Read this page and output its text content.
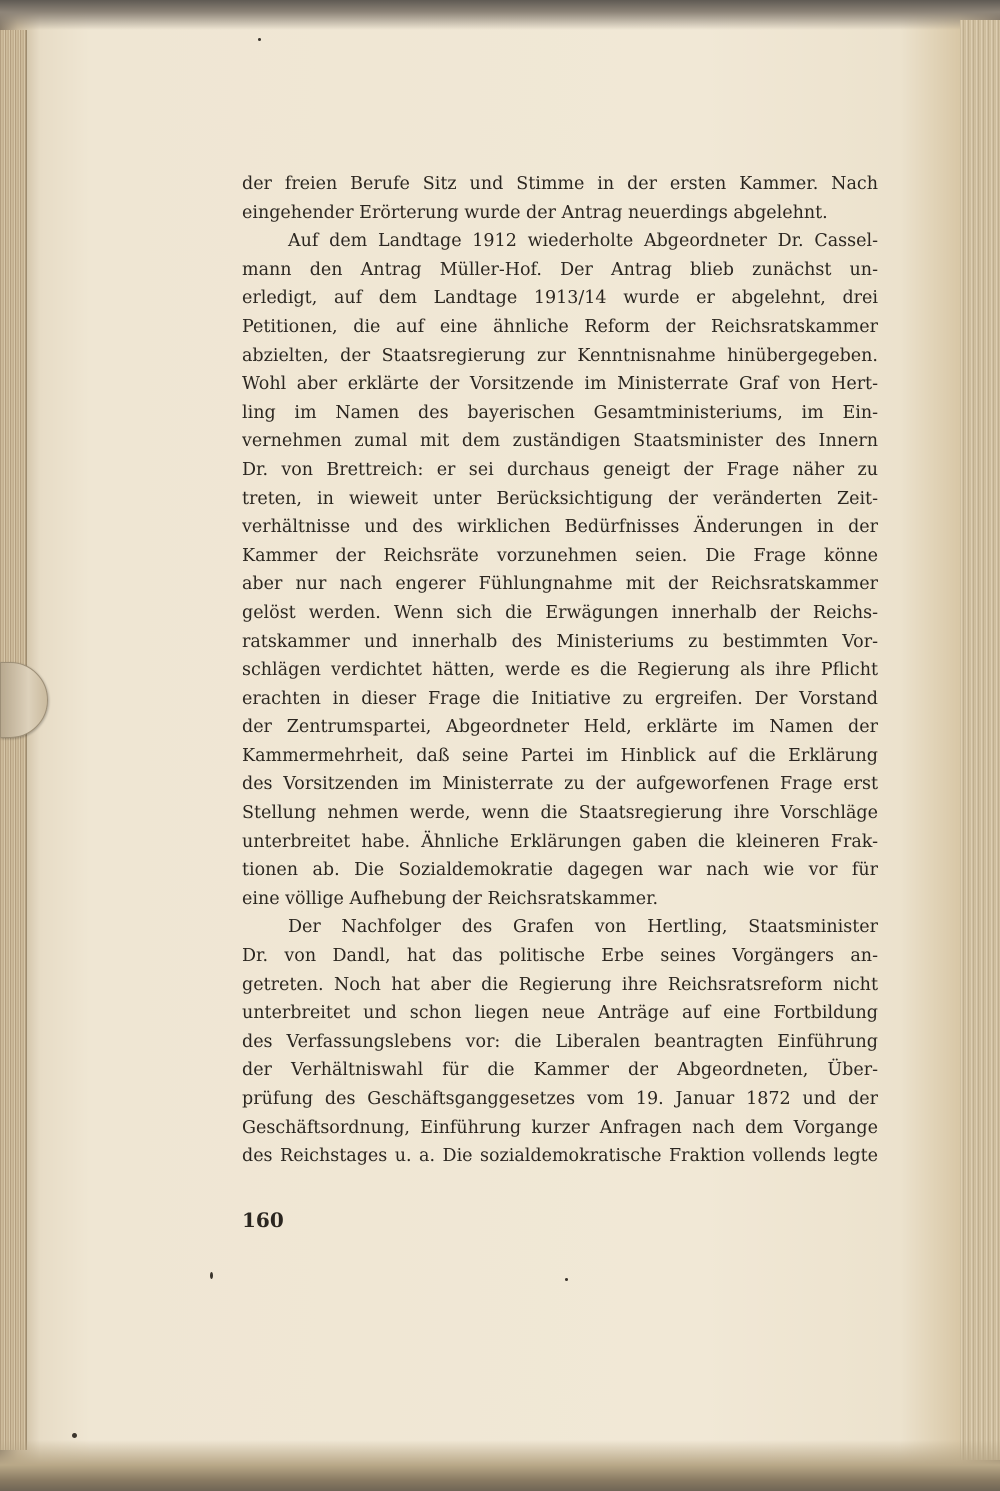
der freien Berufe Sitz und Stimme in der ersten Kammer. Nach
eingehender Erörterung wurde der Antrag neuerdings abgelehnt.
Auf dem Landtage 1912 wiederholte Abgeordneter Dr. Cassel-
mann den Antrag Müller-Hof. Der Antrag blieb zunächst un-
erledigt, auf dem Landtage 1913/14 wurde er abgelehnt, drei
Petitionen, die auf eine ähnliche Reform der Reichsratskammer
abzielten, der Staatsregierung zur Kenntnisnahme hinübergegeben.
Wohl aber erklärte der Vorsitzende im Ministerrate Graf von Hert-
ling im Namen des bayerischen Gesamtministeriums, im Ein-
vernehmen zumal mit dem zuständigen Staatsminister des Innern
Dr. von Brettreich: er sei durchaus geneigt der Frage näher zu
treten, in wieweit unter Berücksichtigung der veränderten Zeit-
verhältnisse und des wirklichen Bedürfnisses Änderungen in der
Kammer der Reichsräte vorzunehmen seien. Die Frage könne
aber nur nach engerer Fühlungnahme mit der Reichsratskammer
gelöst werden. Wenn sich die Erwägungen innerhalb der Reichs-
ratskammer und innerhalb des Ministeriums zu bestimmten Vor-
schlägen verdichtet hätten, werde es die Regierung als ihre Pflicht
erachten in dieser Frage die Initiative zu ergreifen. Der Vorstand
der Zentrumspartei, Abgeordneter Held, erklärte im Namen der
Kammermehrheit, daß seine Partei im Hinblick auf die Erklärung
des Vorsitzenden im Ministerrate zu der aufgeworfenen Frage erst
Stellung nehmen werde, wenn die Staatsregierung ihre Vorschläge
unterbreitet habe. Ähnliche Erklärungen gaben die kleineren Frak-
tionen ab. Die Sozialdemokratie dagegen war nach wie vor für
eine völlige Aufhebung der Reichsratskammer.
Der Nachfolger des Grafen von Hertling, Staatsminister
Dr. von Dandl, hat das politische Erbe seines Vorgängers an-
getreten. Noch hat aber die Regierung ihre Reichsratsreform nicht
unterbreitet und schon liegen neue Anträge auf eine Fortbildung
des Verfassungslebens vor: die Liberalen beantragten Einführung
der Verhältniswahl für die Kammer der Abgeordneten, Über-
prüfung des Geschäftsganggesetzes vom 19. Januar 1872 und der
Geschäftsordnung, Einführung kurzer Anfragen nach dem Vorgange
des Reichstages u. a. Die sozialdemokratische Fraktion vollends legte
160
